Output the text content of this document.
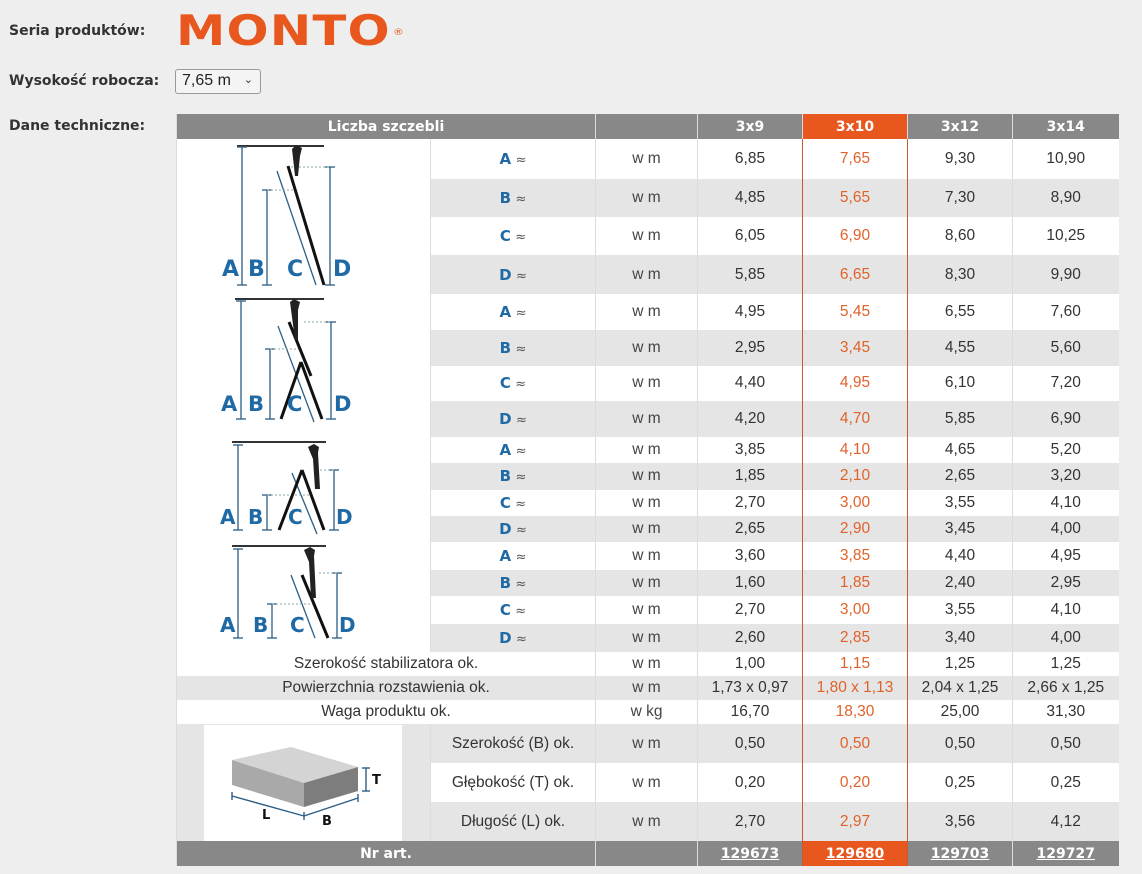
Seria produktów: MONTO ®
Wysokość robocza:	7,65 m ⌄
Dane techniczne:	Liczba szczebli			3x9	3x10	3x12	3x14

A B C D	A ≈	w m	6,85	7,65	9,30	10,90
	B ≈	w m	4,85	5,65	7,30	8,90
	C ≈	w m	6,05	6,90	8,60	10,25
	D ≈	w m	5,85	6,65	8,30	9,90

A B C D	A ≈	w m	4,95	5,45	6,55	7,60
	B ≈	w m	2,95	3,45	4,55	5,60
	C ≈	w m	4,40	4,95	6,10	7,20
	D ≈	w m	4,20	4,70	5,85	6,90

A B C D	A ≈	w m	3,85	4,10	4,65	5,20
	B ≈	w m	1,85	2,10	2,65	3,20
	C ≈	w m	2,70	3,00	3,55	4,10
	D ≈	w m	2,65	2,90	3,45	4,00

A B C D	A ≈	w m	3,60	3,85	4,40	4,95
	B ≈	w m	1,60	1,85	2,40	2,95
	C ≈	w m	2,70	3,00	3,55	4,10
	D ≈	w m	2,60	2,85	3,40	4,00
Szerokość stabilizatora ok.		w m	1,00	1,15	1,25	1,25
Powierzchnia rozstawienia ok.		w m	1,73 x 0,97	1,80 x 1,13	2,04 x 1,25	2,66 x 1,25
Waga produktu ok.		w kg	16,70	18,30	25,00	31,30

T
L B	Szerokość (B) ok.	w m	0,50	0,50	0,50	0,50
	Głębokość (T) ok.	w m	0,20	0,20	0,25	0,25
	Długość (L) ok.	w m	2,70	2,97	3,56	4,12
Nr art.			129673	129680	129703	129727
